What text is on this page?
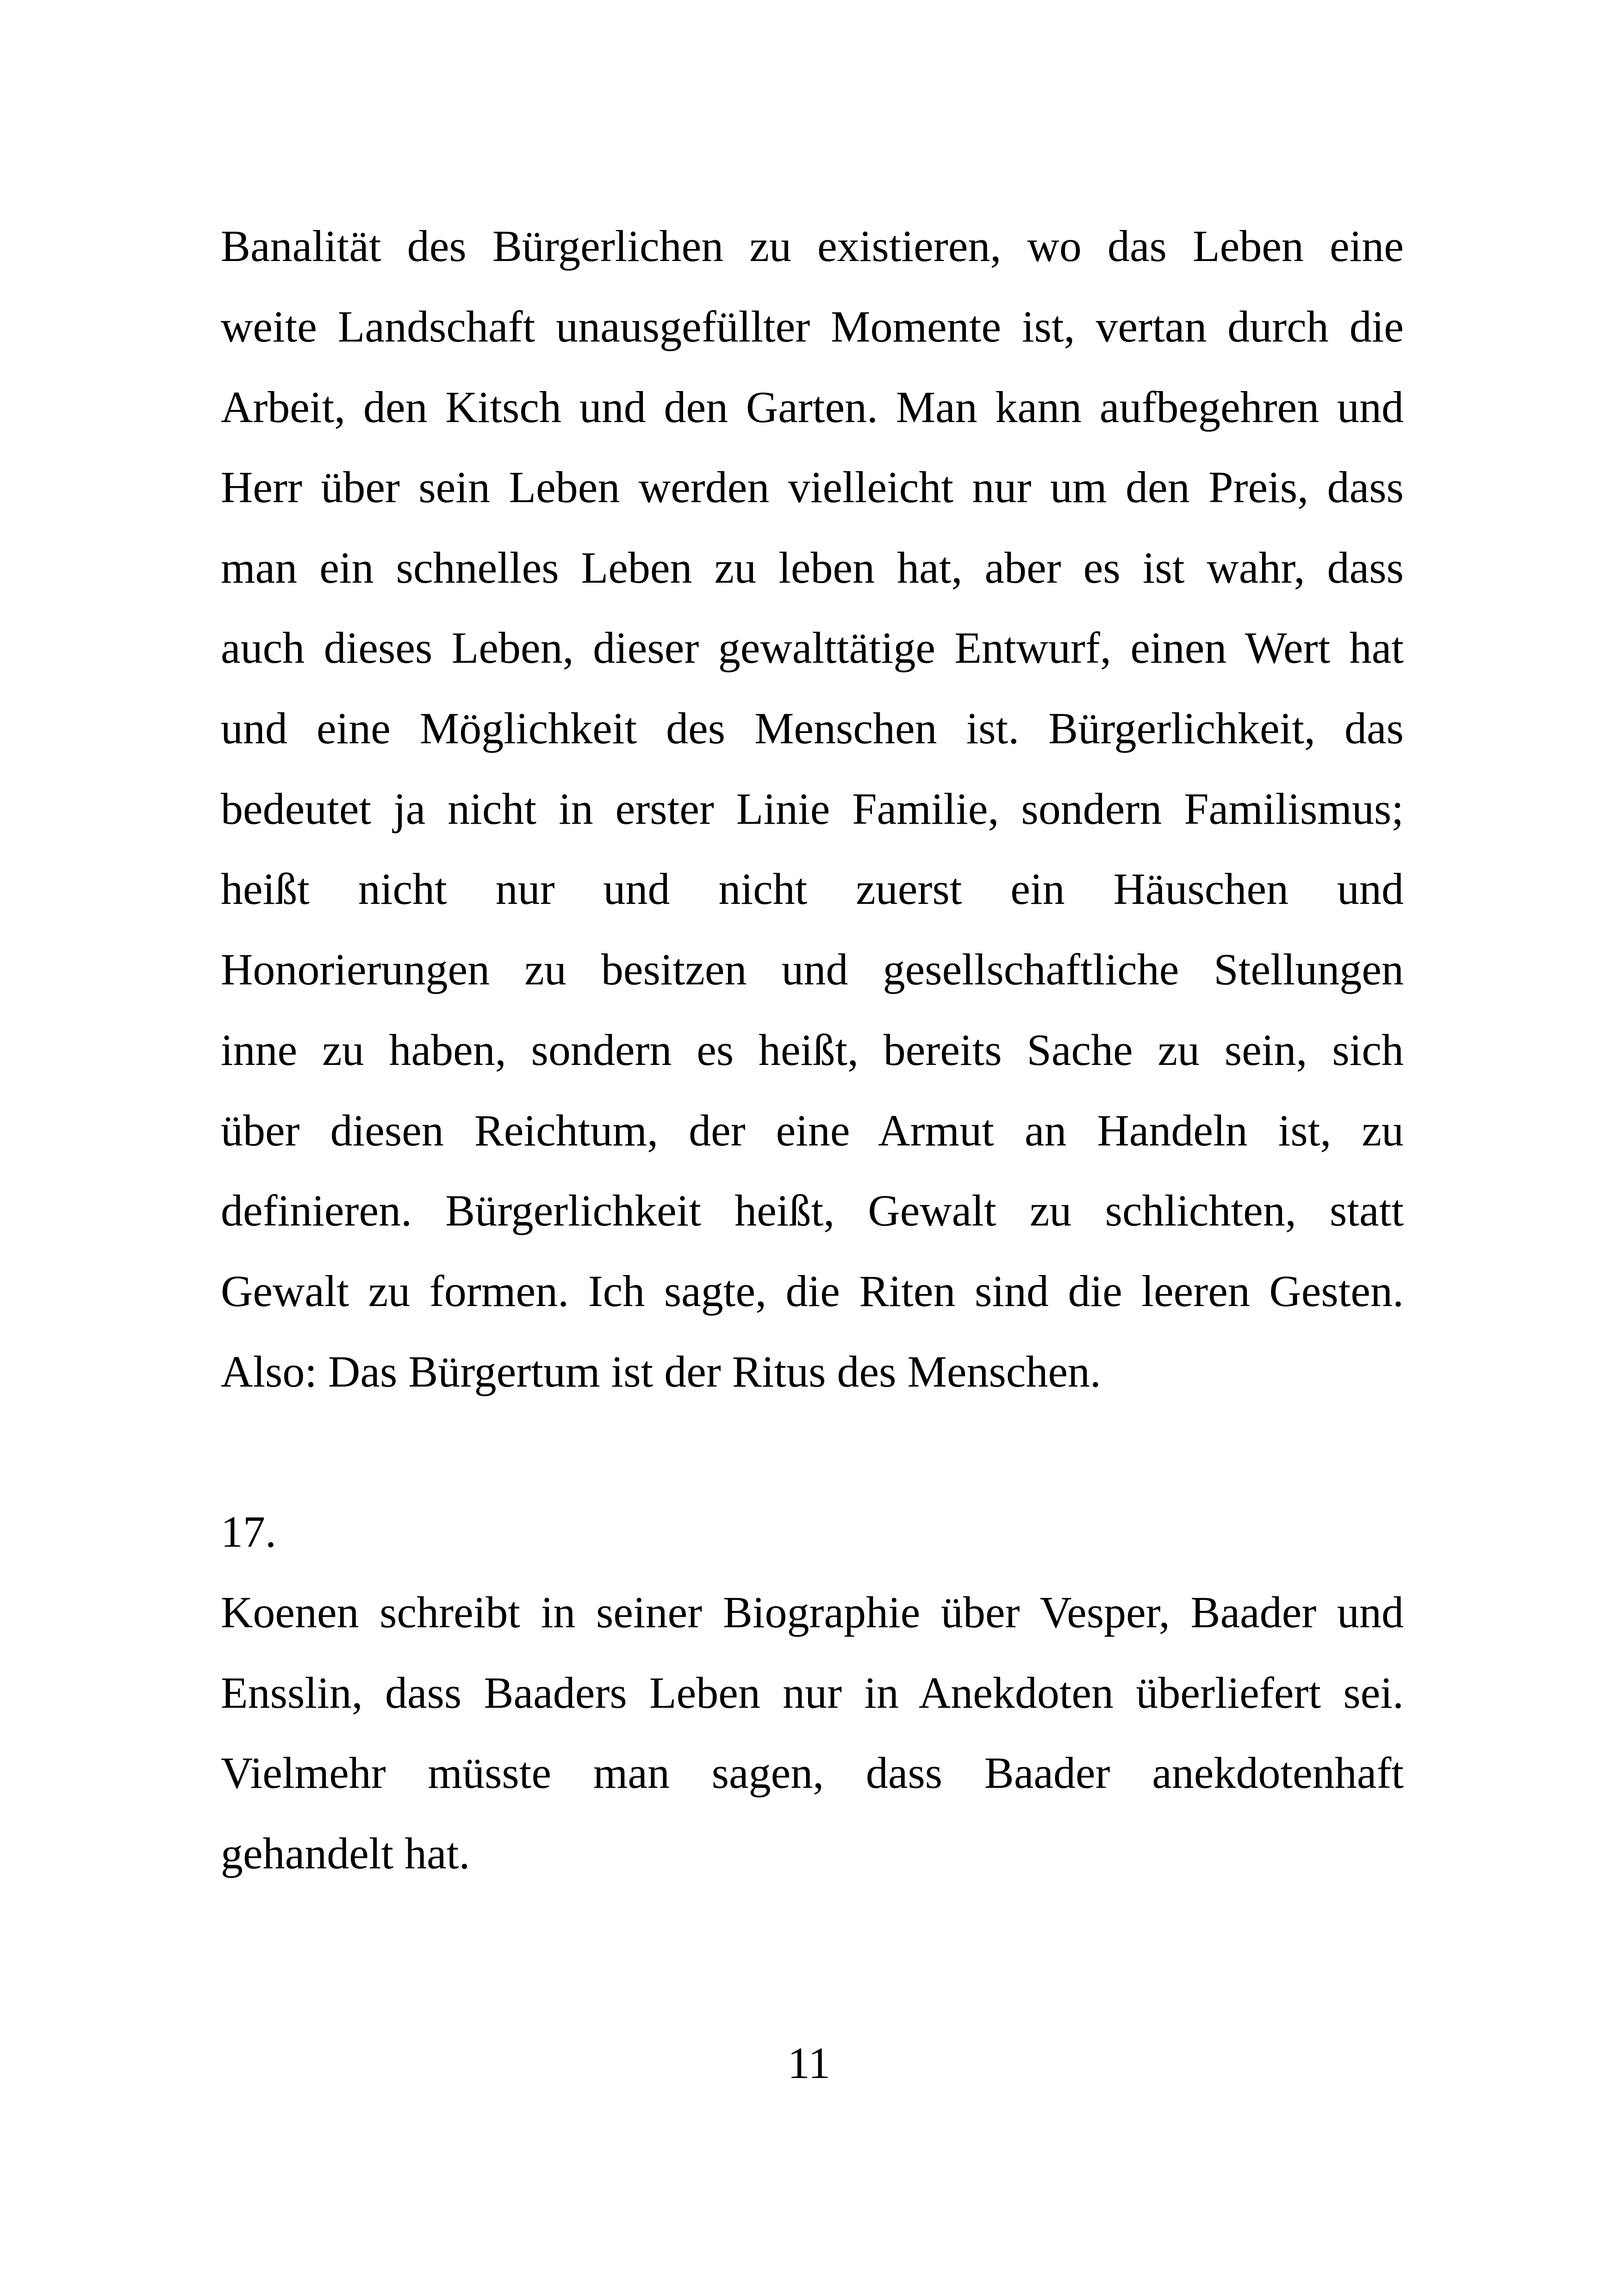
Banalität des Bürgerlichen zu existieren, wo das Leben eine
weite Landschaft unausgefüllter Momente ist, vertan durch die
Arbeit, den Kitsch und den Garten. Man kann aufbegehren und
Herr über sein Leben werden vielleicht nur um den Preis, dass
man ein schnelles Leben zu leben hat, aber es ist wahr, dass
auch dieses Leben, dieser gewalttätige Entwurf, einen Wert hat
und eine Möglichkeit des Menschen ist. Bürgerlichkeit, das
bedeutet ja nicht in erster Linie Familie, sondern Familismus;
heißt nicht nur und nicht zuerst ein Häuschen und
Honorierungen zu besitzen und gesellschaftliche Stellungen
inne zu haben, sondern es heißt, bereits Sache zu sein, sich
über diesen Reichtum, der eine Armut an Handeln ist, zu
definieren. Bürgerlichkeit heißt, Gewalt zu schlichten, statt
Gewalt zu formen. Ich sagte, die Riten sind die leeren Gesten.
Also: Das Bürgertum ist der Ritus des Menschen.
17.
Koenen schreibt in seiner Biographie über Vesper, Baader und
Ensslin, dass Baaders Leben nur in Anekdoten überliefert sei.
Vielmehr müsste man sagen, dass Baader anekdotenhaft
gehandelt hat.
11
